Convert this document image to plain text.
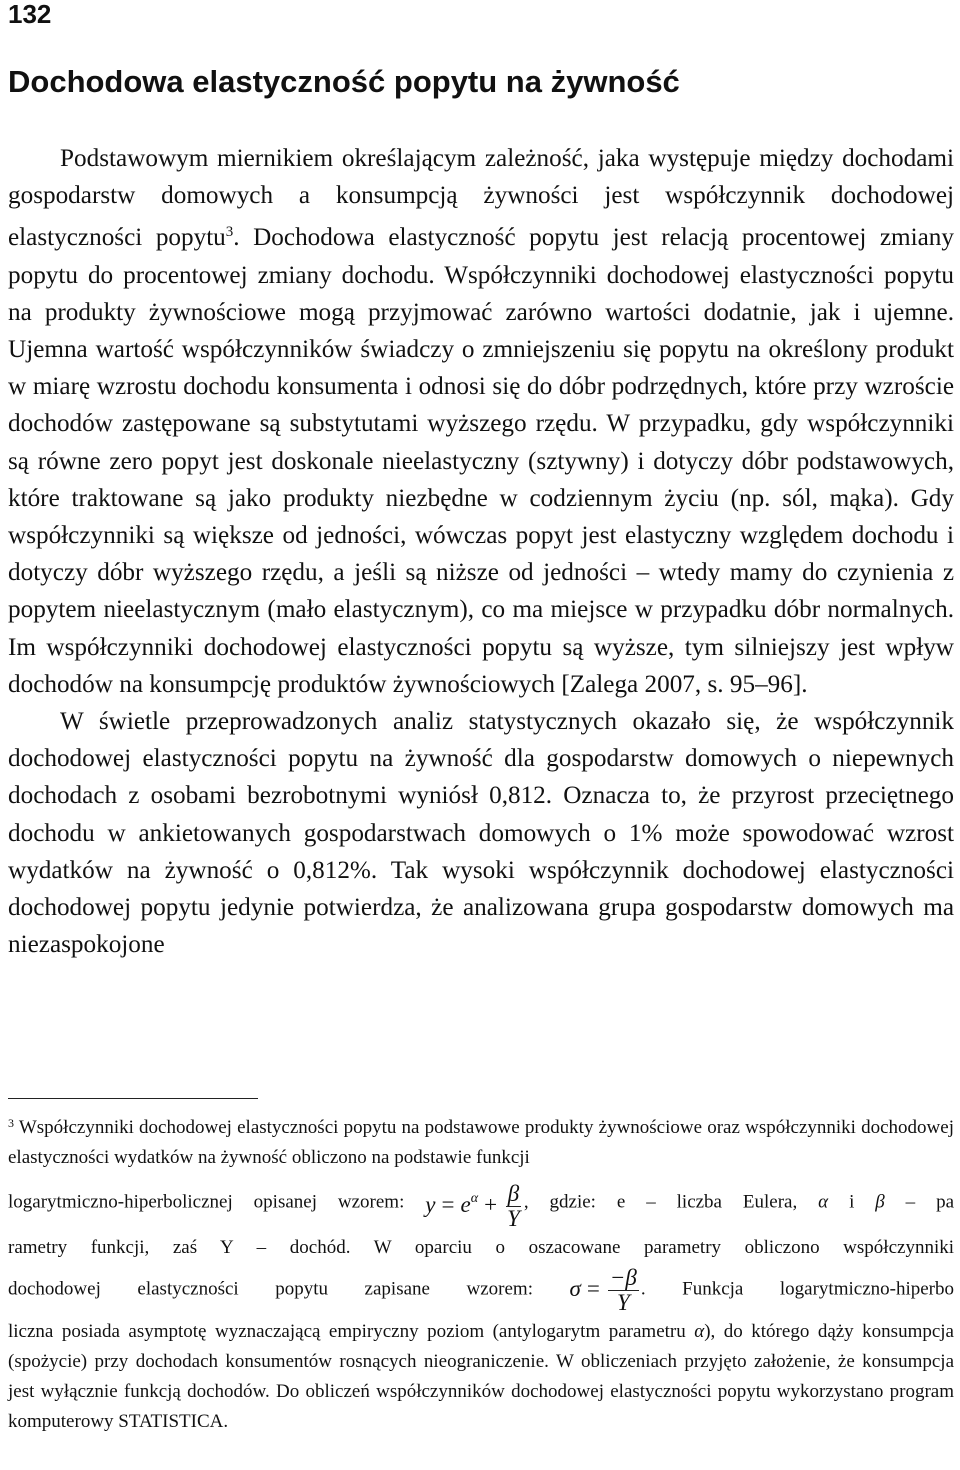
132
Dochodowa elastyczność popytu na żywność

Podstawowym miernikiem określającym zależność, jaka występuje między dochodami gospodarstw domowych a konsumpcją żywności jest współczynnik dochodowej elastyczności popytu$^3$. Dochodowa elastyczność popytu jest relacją procentowej zmiany popytu do procentowej zmiany dochodu. Współczynniki dochodowej elastyczności popytu na produkty żywnościowe mogą przyjmować zarówno wartości dodatnie, jak i ujemne. Ujemna wartość współczynników świadczy o zmniejszeniu się popytu na określony produkt w miarę wzrostu dochodu konsumenta i odnosi się do dóbr podrzędnych, które przy wzroście dochodów zastępowane są substytutami wyższego rzędu. W przypadku, gdy współczynniki są równe zero popyt jest doskonale nieelastyczny (sztywny) i dotyczy dóbr podstawowych, które traktowane są jako produkty niezbędne w codziennym życiu (np. sól, mąka). Gdy współczynniki są większe od jedności, wówczas popyt jest elastyczny względem dochodu i dotyczy dóbr wyższego rzędu, a jeśli są niższe od jedności – wtedy mamy do czynienia z popytem nieelastycznym (mało elastycznym), co ma miejsce w przypadku dóbr normalnych. Im współczynniki dochodowej elastyczności popytu są wyższe, tym silniejszy jest wpływ dochodów na konsumpcję produktów żywnościowych [Zalega 2007, s. 95–96].

W świetle przeprowadzonych analiz statystycznych okazało się, że współczynnik dochodowej elastyczności popytu na żywność dla gospodarstw domowych o niepewnych dochodach z osobami bezrobotnymi wyniósł 0,812. Oznacza to, że przyrost przeciętnego dochodu w ankietowanych gospodarstwach domowych o 1% może spowodować wzrost wydatków na żywność o 0,812%. Tak wysoki współczynnik dochodowej elastyczności dochodowej popytu jedynie potwierdza, że analizowana grupa gospodarstw domowych ma niezaspokojone

$^3$ Współczynniki dochodowej elastyczności popytu na podstawowe produkty żywnościowe oraz współczynniki dochodowej elastyczności wydatków na żywność obliczono na podstawie funkcji
logarytmiczno-hiperbolicznej opisanej wzorem: $y = e^\alpha + \frac{\beta}{Y}$ , gdzie: e – liczba Eulera, α i β – pa
rametry funkcji, zaś Y – dochód. W oparciu o oszacowane parametry obliczono współczynniki
dochodowej elastyczności popytu zapisane wzorem: $\sigma = \frac{-\beta}{Y}$ . Funkcja logarytmiczno-hiperbo
liczna posiada asymptotę wyznaczającą empiryczny poziom (antylogarytm parametru α), do którego dąży konsumpcja (spożycie) przy dochodach konsumentów rosnących nieograniczenie. W obliczeniach przyjęto założenie, że konsumpcja jest wyłącznie funkcją dochodów. Do obliczeń współczynników dochodowej elastyczności popytu wykorzystano program komputerowy STATISTICA.
